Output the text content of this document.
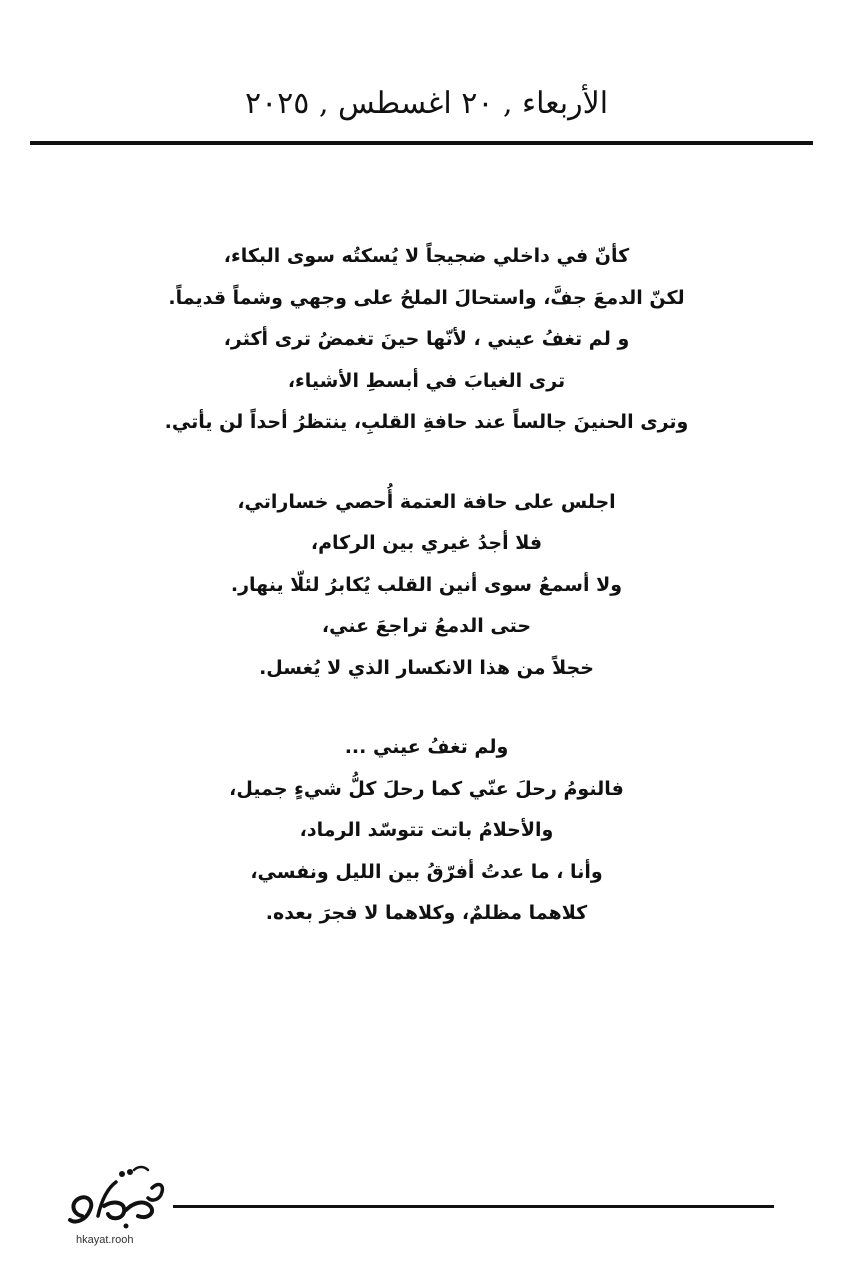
الأربعاء , ٢٠ اغسطس , ٢٠٢٥
كأنّ في داخلي ضجيجاً لا يُسكتُه سوى البكاء،
لكنّ الدمعَ جفَّ، واستحالَ الملحُ على وجهي وشماً قديماً.
و لم تغفُ عيني ، لأنّها حينَ تغمضُ ترى أكثر،
ترى الغيابَ في أبسطِ الأشياء،
وترى الحنينَ جالساً عند حافةِ القلبِ، ينتظرُ أحداً لن يأتي.
اجلس على حافة العتمة أُحصي خساراتي،
فلا أجدُ غيري بين الركام،
ولا أسمعُ سوى أنين القلب يُكابرُ لئلّا ينهار.
حتى الدمعُ تراجعَ عني،
خجلاً من هذا الانكسار الذي لا يُغسل.
ولم تغفُ عيني ...
فالنومُ رحلَ عنّي كما رحلَ كلُّ شيءٍ جميل،
والأحلامُ باتت تتوسّد الرماد،
وأنا ، ما عدتُ أفرّقُ بين الليل ونفسي،
كلاهما مظلمٌ، وكلاهما لا فجرَ بعده.
hkayat.rooh
